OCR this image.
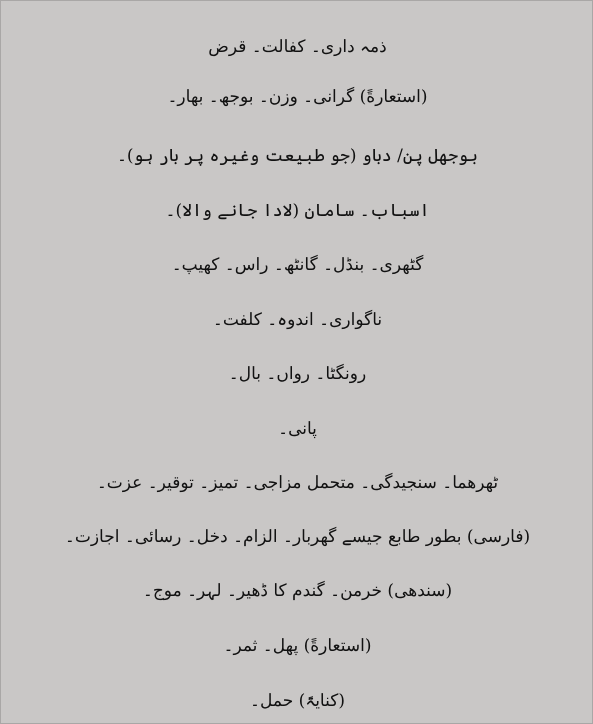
ذمہ داری۔ کفالت۔ قرض
(استعارةً) گرانی۔ وزن۔ بوجھ۔ بھار۔
بوجھل پن/ دباو (جو طبیعت وغیرہ پر بار ہو)۔
اسباب۔ سامان (لادا جانے والا)۔
گٹھری۔ بنڈل۔ گانٹھ۔ راس۔ کھیپ۔
ناگواری۔ اندوہ۔ کلفت۔
رونگٹا۔ رواں۔ بال۔
پانی۔
ٹھرھما۔ سنجیدگی۔ متحمل مزاجی۔ تمیز۔ توقیر۔ عزت۔
(فارسی) بطور طابع جیسے گھربار۔ الزام۔ دخل۔ رسائی۔ اجازت۔
(سندھی) خرمن۔ گندم کا ڈھیر۔ لہر۔ موج۔
(استعارةً) پھل۔ ثمر۔
(کنایۃً) حمل۔
